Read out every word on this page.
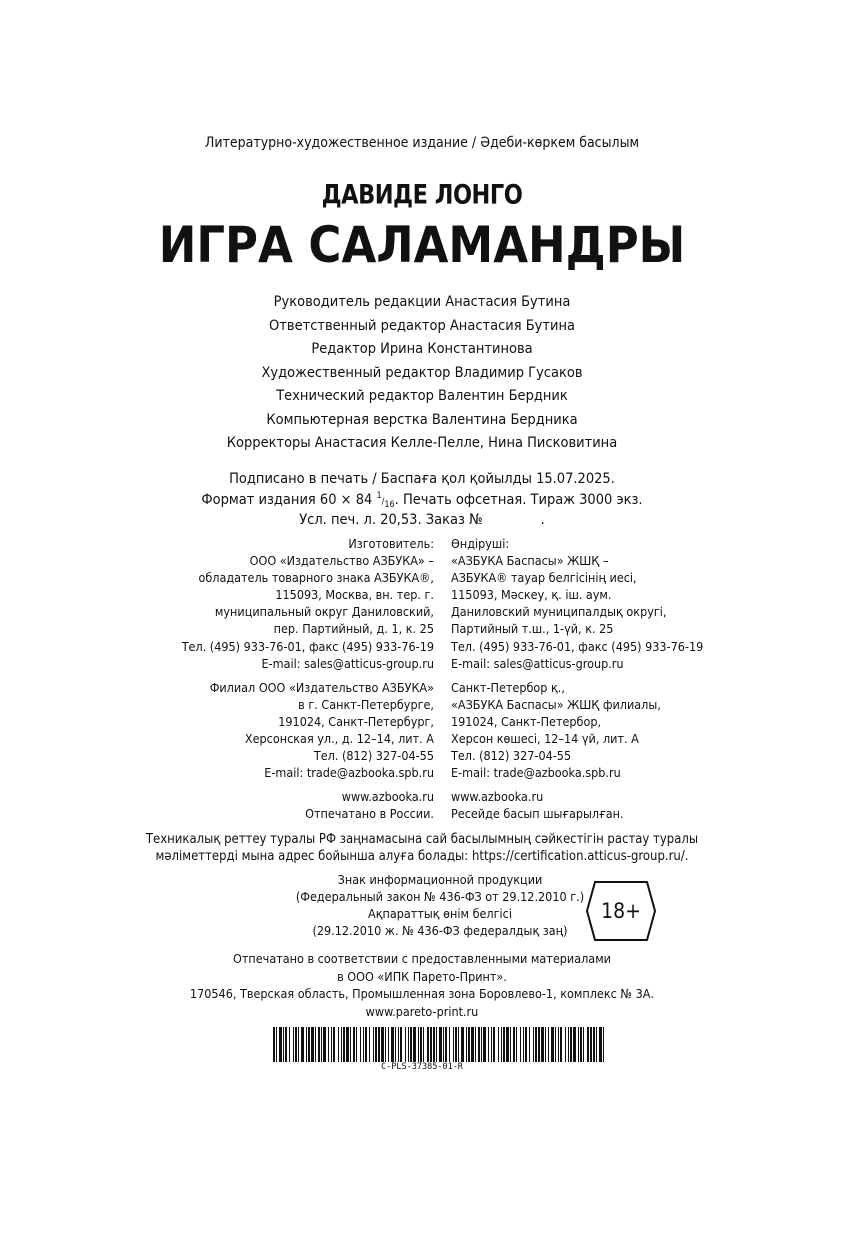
Литературно-художественное издание / Әдеби-көркем басылым
ДАВИДЕ ЛОНГО
ИГРА САЛАМАНДРЫ
Руководитель редакции Анастасия Бутина
Ответственный редактор Анастасия Бутина
Редактор Ирина Константинова
Художественный редактор Владимир Гусаков
Технический редактор Валентин Бердник
Компьютерная верстка Валентина Бердника
Корректоры Анастасия Келле-Пелле, Нина Писковитина
Подписано в печать / Баспаға қол қойылды 15.07.2025.
Формат издания 60 × 84 1/16. Печать офсетная. Тираж 3000 экз.
Усл. печ. л. 20,53. Заказ №              .
Изготовитель:
ООО «Издательство АЗБУКА» –
обладатель товарного знака АЗБУКА®,
115093, Москва, вн. тер. г.
муниципальный округ Даниловский,
пер. Партийный, д. 1, к. 25
Тел. (495) 933-76-01, факс (495) 933-76-19
E-mail: sales@atticus-group.ru
Филиал ООО «Издательство АЗБУКА»
в г. Санкт-Петербурге,
191024, Санкт-Петербург,
Херсонская ул., д. 12–14, лит. А
Тел. (812) 327-04-55
E-mail: trade@azbooka.spb.ru
www.azbooka.ru
Отпечатано в России.
Өндіруші:
«АЗБУКА Баспасы» ЖШҚ –
АЗБУКА® тауар белгісінің иесі,
115093, Мәскеу, қ. іш. аум.
Даниловский муниципалдық округі,
Партийный т.ш., 1-үй, к. 25
Тел. (495) 933-76-01, факс (495) 933-76-19
E-mail: sales@atticus-group.ru
Санкт-Петербор қ.,
«АЗБУКА Баспасы» ЖШҚ филиалы,
191024, Санкт-Петербор,
Херсон көшесі, 12–14 үй, лит. А
Тел. (812) 327-04-55
E-mail: trade@azbooka.spb.ru
www.azbooka.ru
Ресейде басып шығарылған.
Техникалық реттеу туралы РФ заңнамасына сай басылымның сәйкестігін растау туралы
мәліметтерді мына адрес бойынша алуға болады: https://certification.atticus-group.ru/.
Знак информационной продукции
(Федеральный закон № 436-ФЗ от 29.12.2010 г.)
Ақпараттық өнім белгісі
(29.12.2010 ж. № 436-ФЗ федералдық заң)
18+
Отпечатано в соответствии с предоставленными материалами
в ООО «ИПК Парето-Принт».
170546, Тверская область, Промышленная зона Боровлево-1, комплекс № 3А.
www.pareto-print.ru
C-PLS-37385-01-R
